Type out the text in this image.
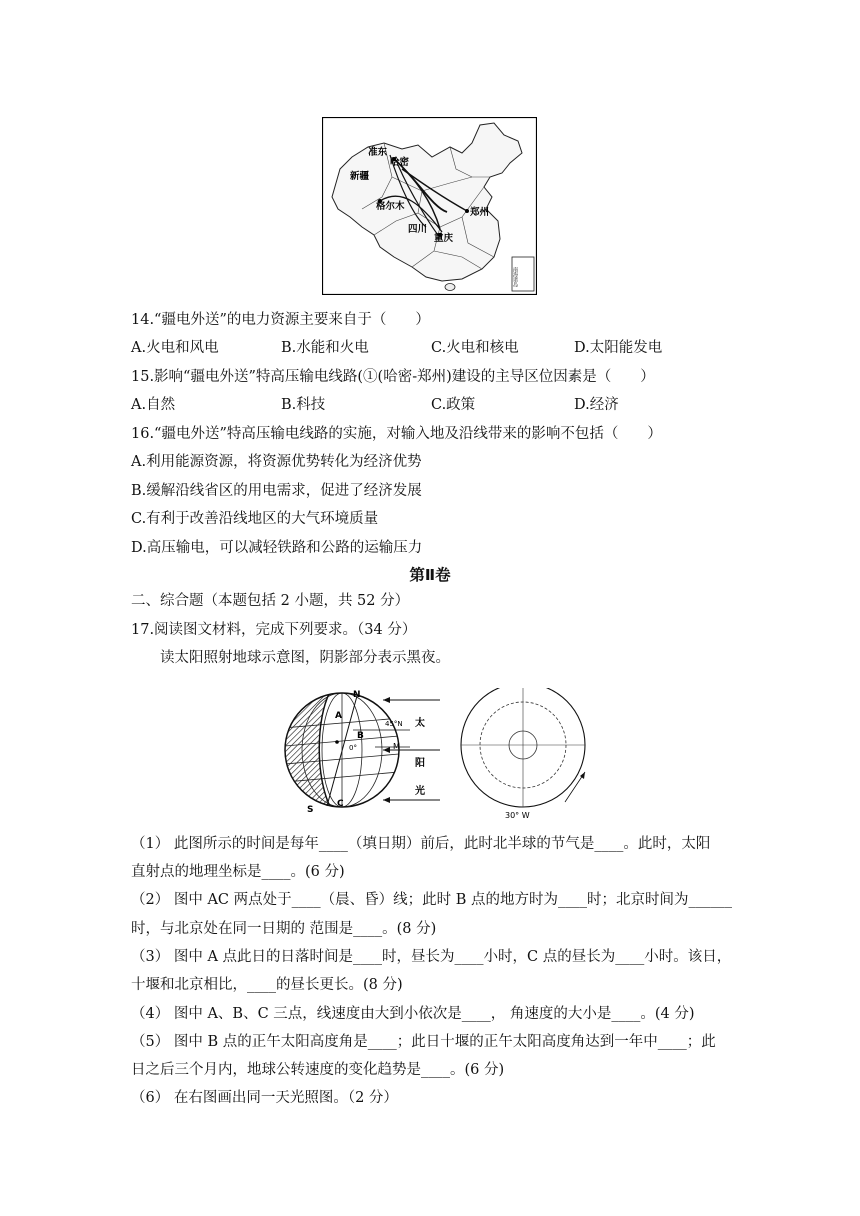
南海诸岛
准东
哈密
新疆
格尔木
郑州
四川
重庆
14.“疆电外送”的电力资源主要来自于（　　）
A.火电和风电	B.水能和火电	C.火电和核电	D.太阳能发电
15.影响“疆电外送”特高压输电线路(①(哈密-郑州)建设的主导区位因素是（　　）
A.自然	B.科技	C.政策	D.经济
16.“疆电外送”特高压输电线路的实施，对输入地及沿线带来的影响不包括（　　）
A.利用能源资源，将资源优势转化为经济优势
B.缓解沿线省区的用电需求，促进了经济发展
C.有利于改善沿线地区的大气环境质量
D.高压输电，可以减轻铁路和公路的运输压力
第Ⅱ卷
二、综合题（本题包括 2 小题，共 52 分）
17.阅读图文材料，完成下列要求。（34 分）
读太阳照射地球示意图，阴影部分表示黑夜。
N
S
A
B
C
M
45°N
0°
太
阳
光
30° W
（1） 此图所示的时间是每年____（填日期）前后，此时北半球的节气是____。此时，太阳
直射点的地理坐标是____。(6 分)
（2） 图中 AC 两点处于____（晨、昏）线；此时 B 点的地方时为____时；北京时间为______
时，与北京处在同一日期的 范围是____。(8 分)
（3） 图中 A 点此日的日落时间是____时，昼长为____小时，C 点的昼长为____小时。该日，
十堰和北京相比，____的昼长更长。(8 分)
（4） 图中 A、B、C 三点，线速度由大到小依次是____， 角速度的大小是____。(4 分)
（5） 图中 B 点的正午太阳高度角是____；此日十堰的正午太阳高度角达到一年中____；此
日之后三个月内，地球公转速度的变化趋势是____。(6 分)
（6） 在右图画出同一天光照图。（2 分）
